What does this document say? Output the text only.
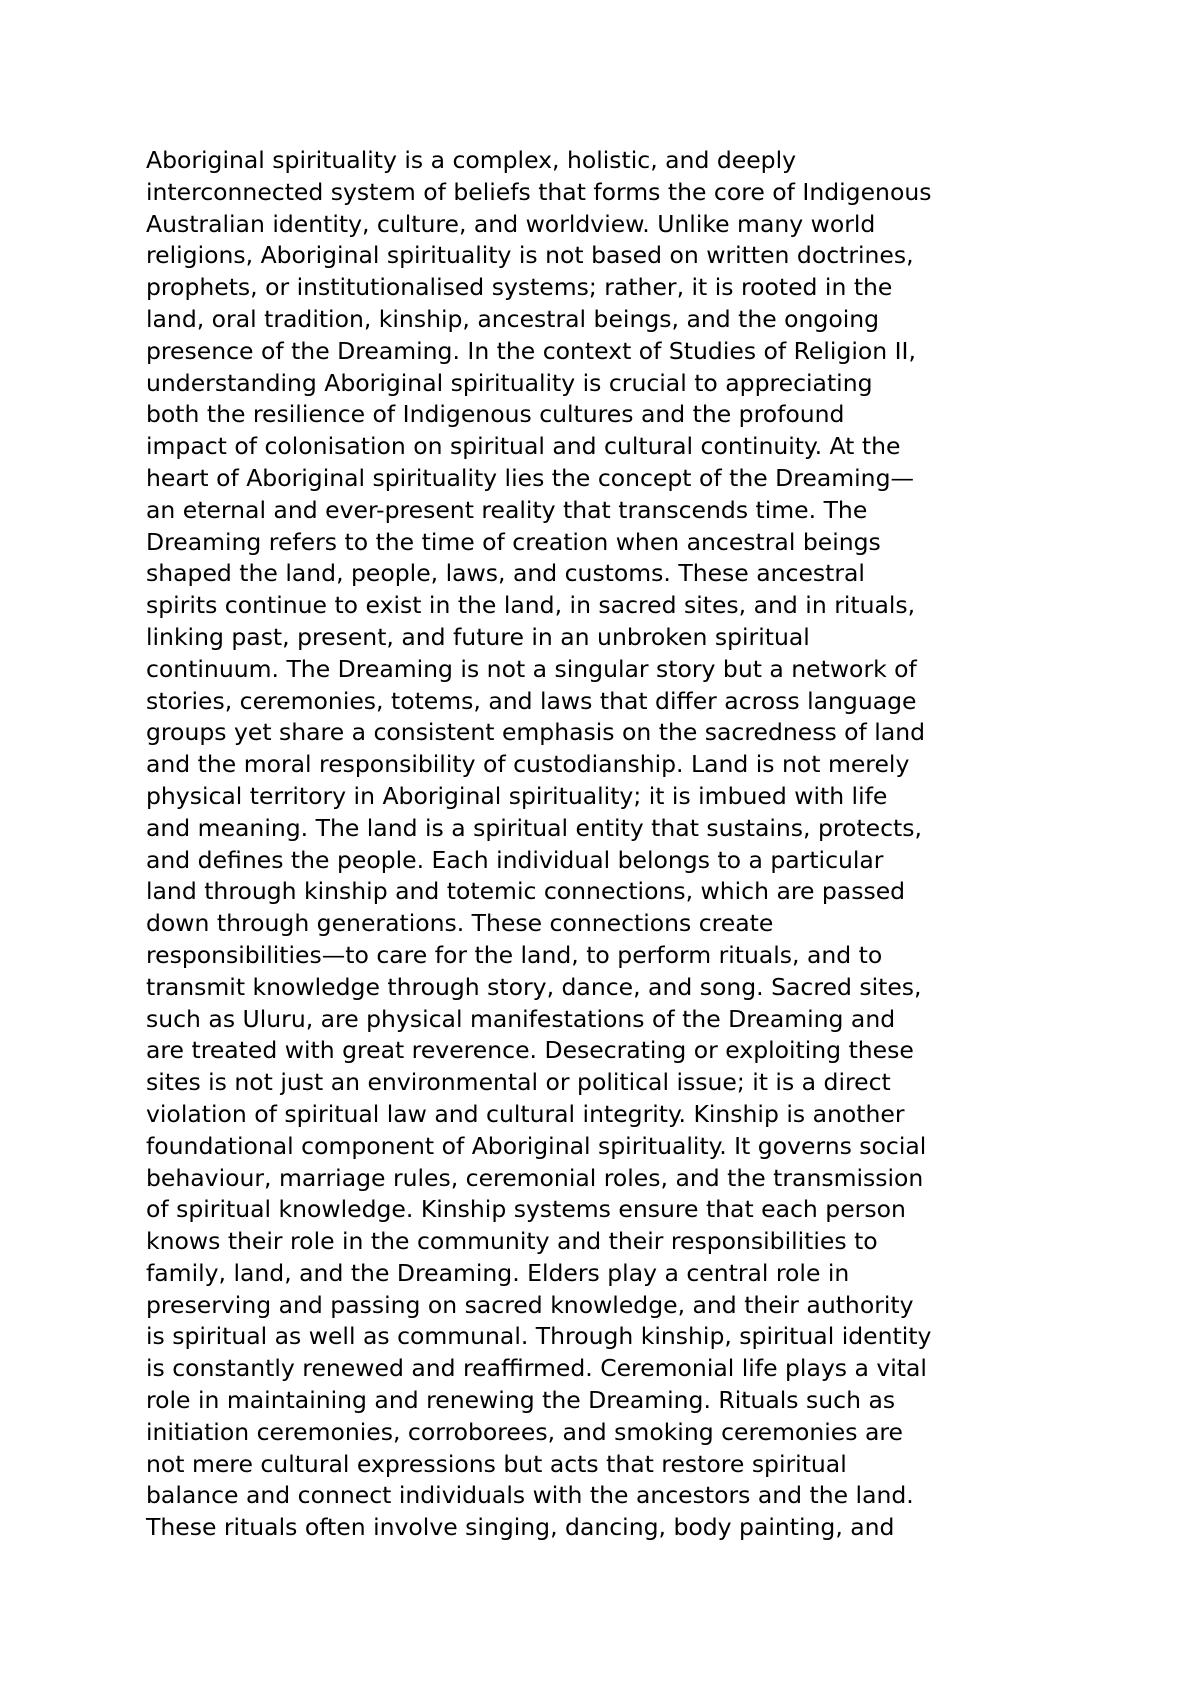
Aboriginal spirituality is a complex, holistic, and deeply
interconnected system of beliefs that forms the core of Indigenous
Australian identity, culture, and worldview. Unlike many world
religions, Aboriginal spirituality is not based on written doctrines,
prophets, or institutionalised systems; rather, it is rooted in the
land, oral tradition, kinship, ancestral beings, and the ongoing
presence of the Dreaming. In the context of Studies of Religion II,
understanding Aboriginal spirituality is crucial to appreciating
both the resilience of Indigenous cultures and the profound
impact of colonisation on spiritual and cultural continuity. At the
heart of Aboriginal spirituality lies the concept of the Dreaming—
an eternal and ever-present reality that transcends time. The
Dreaming refers to the time of creation when ancestral beings
shaped the land, people, laws, and customs. These ancestral
spirits continue to exist in the land, in sacred sites, and in rituals,
linking past, present, and future in an unbroken spiritual
continuum. The Dreaming is not a singular story but a network of
stories, ceremonies, totems, and laws that differ across language
groups yet share a consistent emphasis on the sacredness of land
and the moral responsibility of custodianship. Land is not merely
physical territory in Aboriginal spirituality; it is imbued with life
and meaning. The land is a spiritual entity that sustains, protects,
and defines the people. Each individual belongs to a particular
land through kinship and totemic connections, which are passed
down through generations. These connections create
responsibilities—to care for the land, to perform rituals, and to
transmit knowledge through story, dance, and song. Sacred sites,
such as Uluru, are physical manifestations of the Dreaming and
are treated with great reverence. Desecrating or exploiting these
sites is not just an environmental or political issue; it is a direct
violation of spiritual law and cultural integrity. Kinship is another
foundational component of Aboriginal spirituality. It governs social
behaviour, marriage rules, ceremonial roles, and the transmission
of spiritual knowledge. Kinship systems ensure that each person
knows their role in the community and their responsibilities to
family, land, and the Dreaming. Elders play a central role in
preserving and passing on sacred knowledge, and their authority
is spiritual as well as communal. Through kinship, spiritual identity
is constantly renewed and reaffirmed. Ceremonial life plays a vital
role in maintaining and renewing the Dreaming. Rituals such as
initiation ceremonies, corroborees, and smoking ceremonies are
not mere cultural expressions but acts that restore spiritual
balance and connect individuals with the ancestors and the land.
These rituals often involve singing, dancing, body painting, and
